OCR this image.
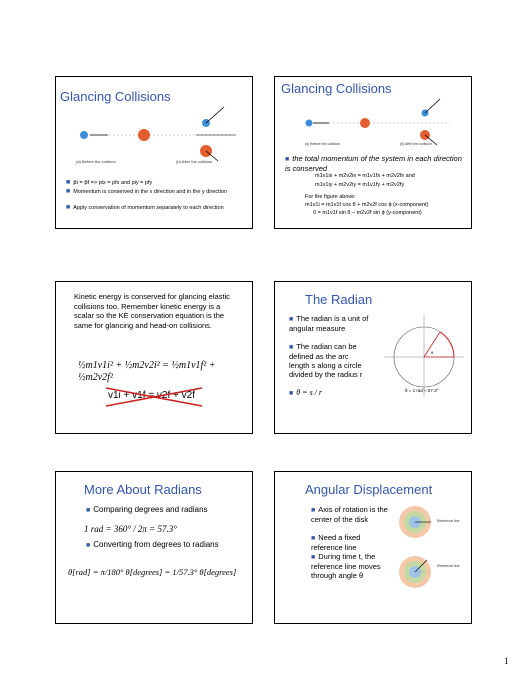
Glancing Collisions
(a) Before the collision	(b) After the collision
■ p⃗i = p⃗f => pix = pfx and piy = pfy
■ Momentum is conserved in the x direction and in the y direction
■ Apply conservation of momentum separately to each direction
Glancing Collisions
(a) Before the collision	(b) After the collision
■ the total momentum of the system in each direction is conserved
m1v1ix + m2v2ix = m1v1fx + m2v2fx and
m1v1iy + m2v2iy = m1v1fy + m2v2fy
For the figure above:
m1v1i = m1v1f cos θ + m2v2f cos ϕ (x-component)
0 = m1v1f sin θ – m2v2f sin ϕ (y-component)
Kinetic energy is conserved for glancing elastic collisions too. Remember kinetic energy is a scalar so the KE conservation equation is the same for glancing and head-on collisions.
½m1v1i² + ½m2v2i² = ½m1v1f² + ½m2v2f²
v1i + v1f = v2f + v2f
The Radian
■ The radian is a unit of angular measure
■ The radian can be defined as the arc length s along a circle divided by the radius r
■ θ = s / r
θ
θ = 1 rad ≈ 57.3°
More About Radians
■ Comparing degrees and radians
1 rad = 360° / 2π = 57.3°
■ Converting from degrees to radians
θ[rad] = π/180° θ[degrees] = 1/57.3° θ[degrees]
Angular Displacement
■ Axis of rotation is the center of the disk
■ Need a fixed reference line
■ During time t, the reference line moves through angle θ
Reference line
Reference line
1
